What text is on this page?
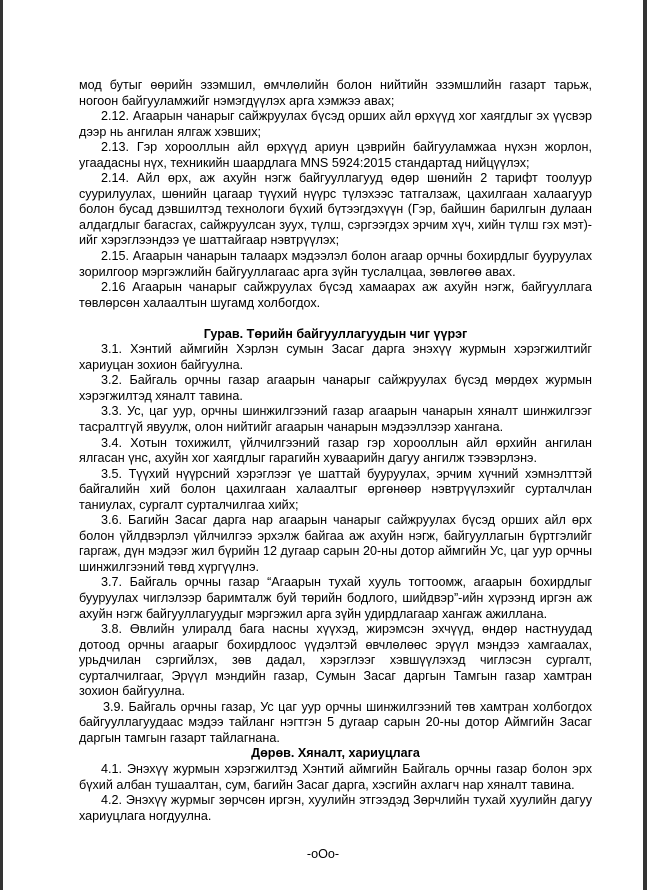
мод бутыг өөрийн эзэмшил, өмчлөлийн болон нийтийн эзэмшлийн газарт тарьж, ногоон байгууламжийг нэмэгдүүлэх арга хэмжээ авах;

2.12. Агаарын чанарыг сайжруулах бүсэд орших айл өрхүүд хог хаягдлыг эх үүсвэр дээр нь ангилан ялгаж хэвших;

2.13. Гэр хорооллын айл өрхүүд ариун цэврийн байгууламжаа нүхэн жорлон, угаадасны нүх, техникийн шаардлага MNS 5924:2015 стандартад нийцүүлэх;

2.14. Айл өрх, аж ахуйн нэгж байгууллагууд өдөр шөнийн 2 тарифт тоолуур суурилуулах, шөнийн цагаар түүхий нүүрс түлэхээс татгалзаж, цахилгаан халаагуур болон бусад дэвшилтэд технологи бүхий бүтээгдэхүүн (Гэр, байшин барилгын дулаан алдагдлыг багасгах, сайжруулсан зуух, түлш, сэргээгдэх эрчим хүч, хийн түлш гэх мэт)-ийг хэрэглээндээ үе шаттайгаар нэвтрүүлэх;

2.15. Агаарын чанарын талаарх мэдээлэл болон агаар орчны бохирдлыг бууруулах зорилгоор мэргэжлийн байгууллагаас арга зүйн туслалцаа, зөвлөгөө авах.

2.16 Агаарын чанарыг сайжруулах бүсэд хамаарах аж ахуйн нэгж, байгууллага төвлөрсөн халаалтын шугамд холбогдох.

Гурав. Төрийн байгууллагуудын чиг үүрэг

3.1. Хэнтий аймгийн Хэрлэн сумын Засаг дарга энэхүү журмын хэрэгжилтийг хариуцан зохион байгуулна.

3.2. Байгаль орчны газар агаарын чанарыг сайжруулах бүсэд мөрдөх журмын хэрэгжилтэд хяналт тавина.

3.3. Ус, цаг уур, орчны шинжилгээний газар агаарын чанарын хяналт шинжилгээг тасралтгүй явуулж, олон нийтийг агаарын чанарын мэдээллээр хангана.

3.4. Хотын тохижилт, үйлчилгээний газар гэр хорооллын айл өрхийн ангилан ялгасан үнс, ахуйн хог хаягдлыг гарагийн хуваарийн дагуу ангилж тээвэрлэнэ.

3.5. Түүхий нүүрсний хэрэглээг үе шаттай бууруулах, эрчим хүчний хэмнэлттэй байгалийн хий болон цахилгаан халаалтыг өргөнөөр нэвтрүүлэхийг сурталчлан таниулах, сургалт сурталчилгаа хийх;

3.6. Багийн Засаг дарга нар агаарын чанарыг сайжруулах бүсэд орших айл өрх болон үйлдвэрлэл үйлчилгээ эрхэлж байгаа аж ахуйн нэгж, байгууллагын бүртгэлийг гаргаж, дүн мэдээг жил бүрийн 12 дугаар сарын 20-ны дотор аймгийн Ус, цаг уур орчны шинжилгээний төвд хүргүүлнэ.

3.7. Байгаль орчны газар “Агаарын тухай хууль тогтоомж, агаарын бохирдлыг бууруулах чиглэлээр баримталж буй төрийн бодлого, шийдвэр”-ийн хүрээнд иргэн аж ахуйн нэгж байгууллагуудыг мэргэжил арга зүйн удирдлагаар хангаж ажиллана.

3.8. Өвлийн улиралд бага насны хүүхэд, жирэмсэн эхчүүд, өндөр настнуудад дотоод орчны агаарыг бохирдлоос үүдэлтэй өвчлөлөөс эрүүл мэндээ хамгаалах, урьдчилан сэргийлэх, зөв дадал, хэрэглээг хэвшүүлэхэд чиглэсэн сургалт, сурталчилгааг, Эрүүл мэндийн газар, Сумын Засаг даргын Тамгын газар хамтран зохион байгуулна.

3.9. Байгаль орчны газар, Ус цаг уур орчны шинжилгээний төв хамтран холбогдох байгууллагуудаас мэдээ тайланг нэгтгэн 5 дугаар сарын 20-ны дотор Аймгийн Засаг даргын тамгын газарт тайлагнана.

Дөрөв. Хяналт, хариуцлага

4.1. Энэхүү журмын хэрэгжилтэд Хэнтий аймгийн Байгаль орчны газар болон эрх бүхий албан тушаалтан, сум, багийн Засаг дарга, хэсгийн ахлагч нар хяналт тавина.

4.2. Энэхүү журмыг зөрчсөн иргэн, хуулийн этгээдэд Зөрчлийн тухай хуулийн дагуу хариуцлага ногдуулна.

-oOo-
